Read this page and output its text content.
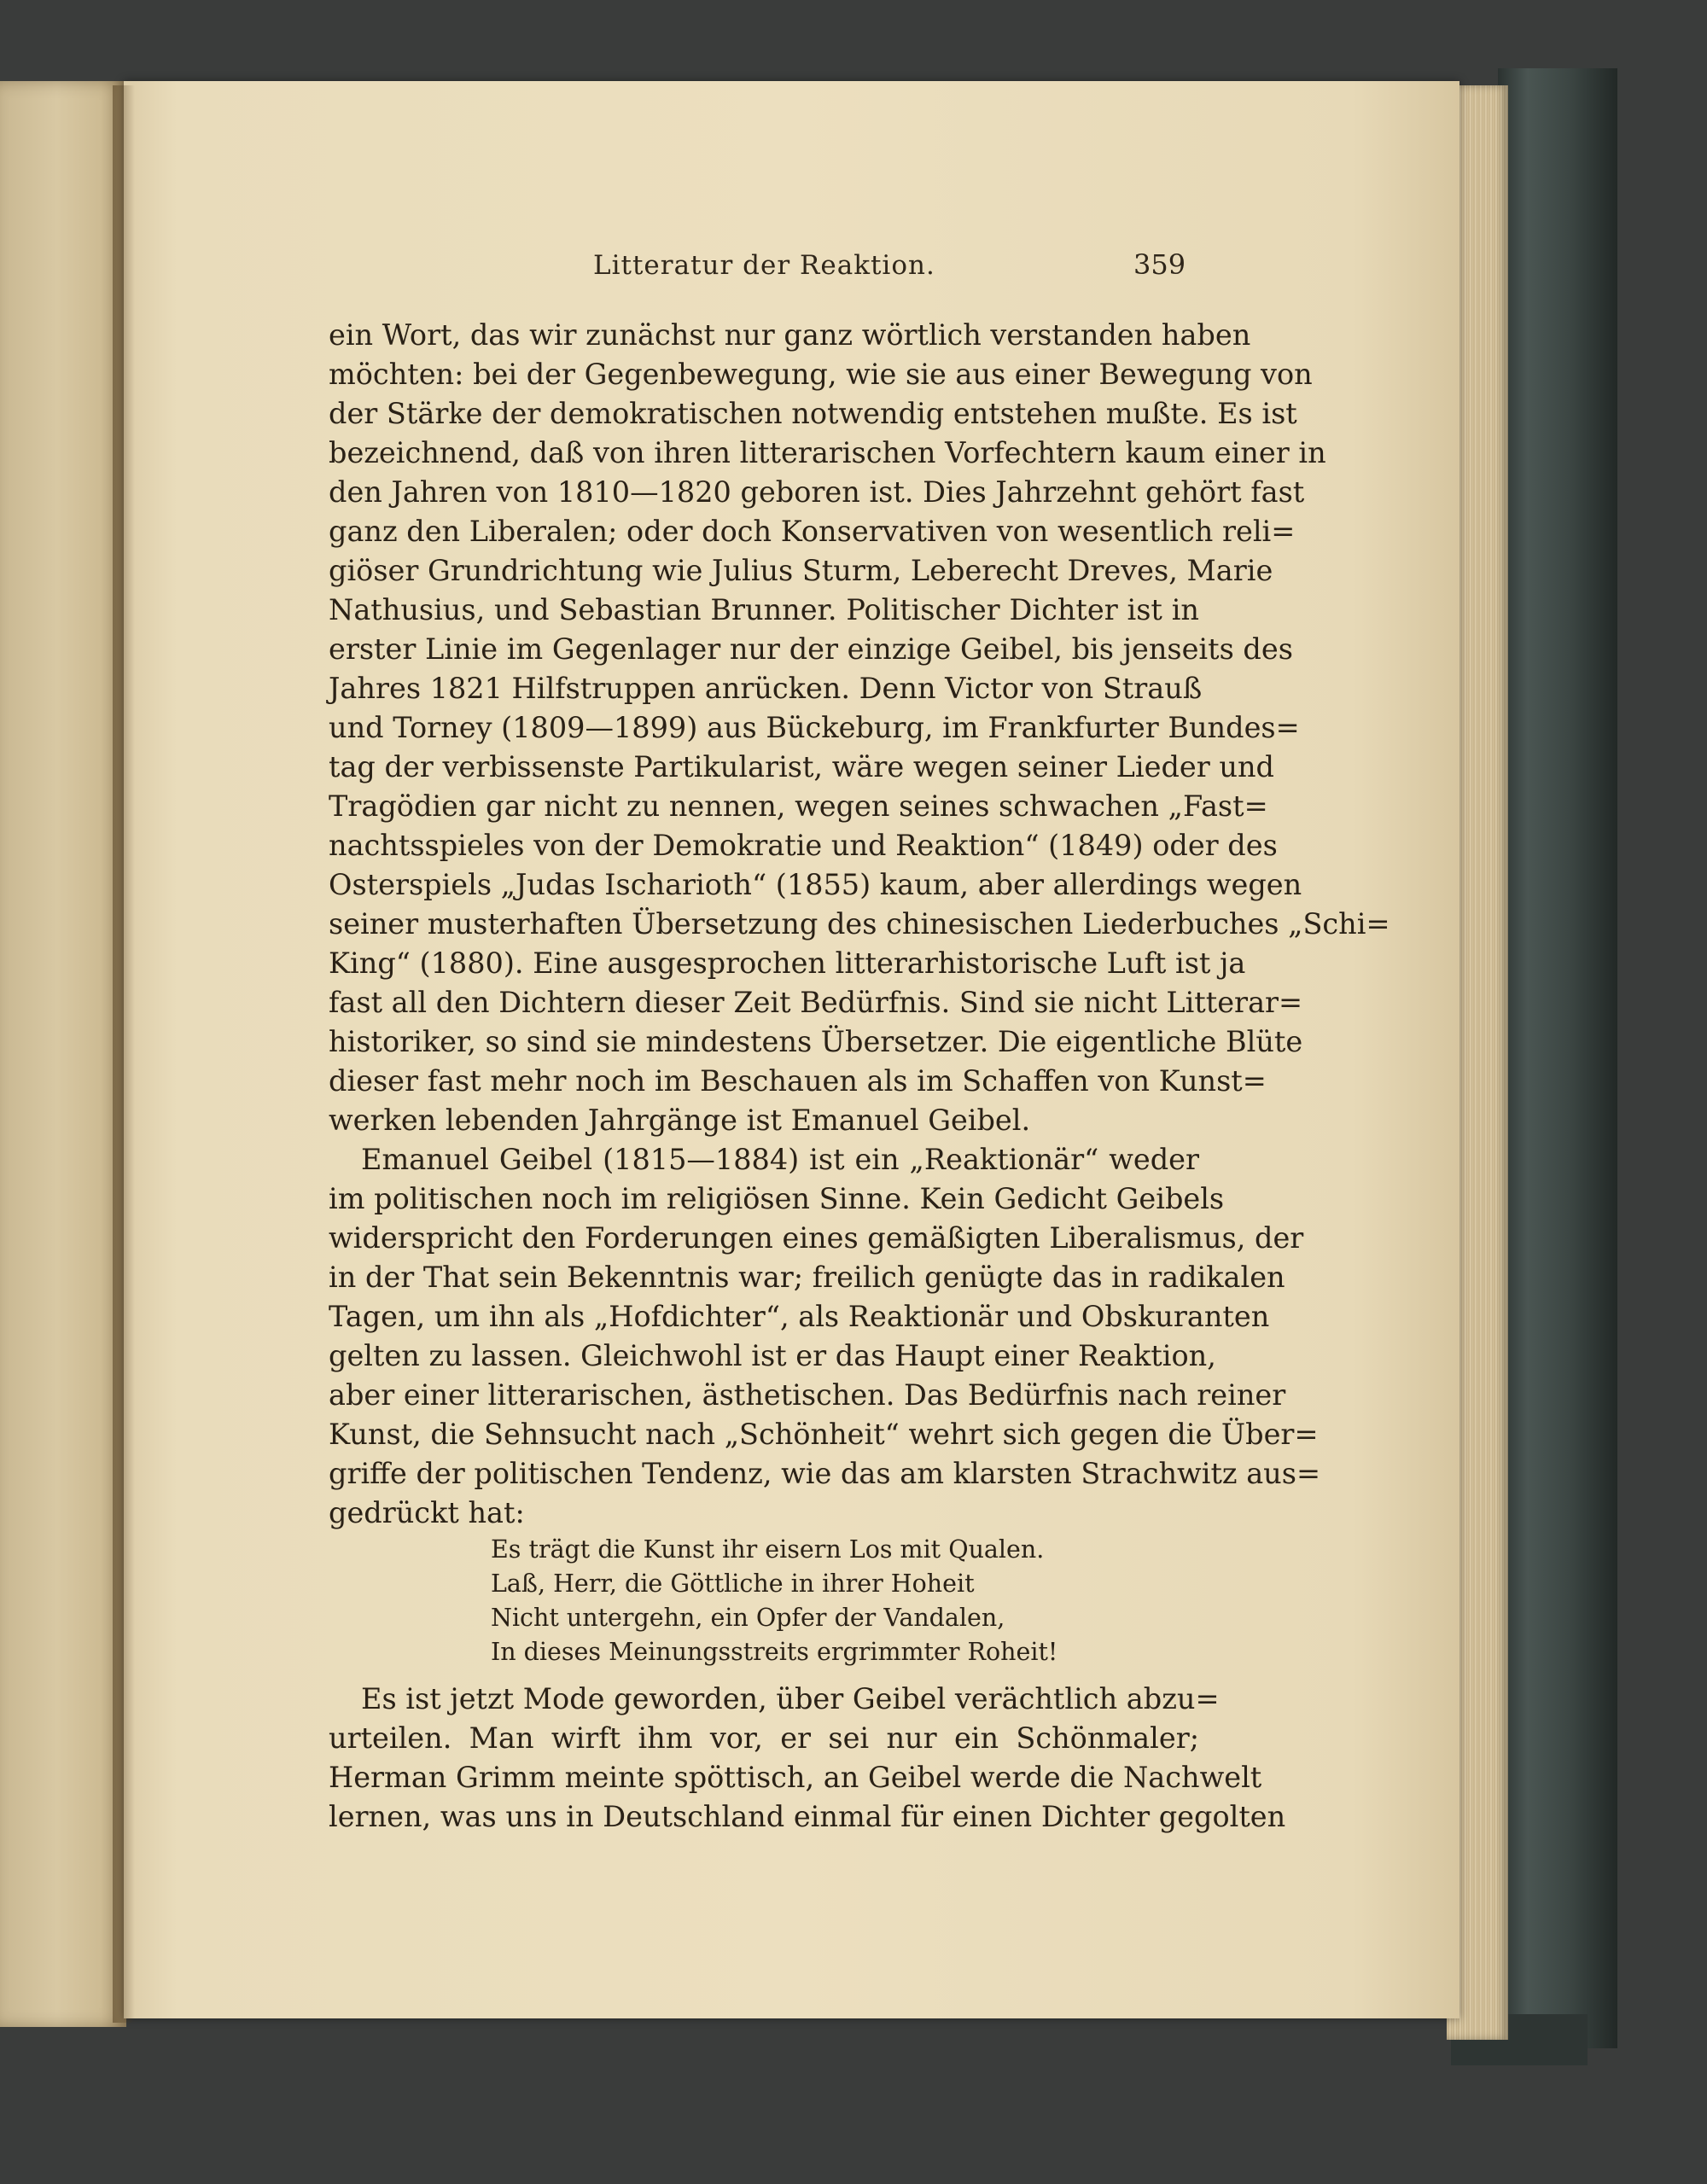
Litteratur der Reaktion.	359
ein Wort, das wir zunächst nur ganz wörtlich verstanden haben
möchten: bei der Gegenbewegung, wie sie aus einer Bewegung von
der Stärke der demokratischen notwendig entstehen mußte. Es ist
bezeichnend, daß von ihren litterarischen Vorfechtern kaum einer in
den Jahren von 1810—1820 geboren ist. Dies Jahrzehnt gehört fast
ganz den Liberalen; oder doch Konservativen von wesentlich reli=
giöser Grundrichtung wie Julius Sturm, Leberecht Dreves, Marie
Nathusius, und Sebastian Brunner. Politischer Dichter ist in
erster Linie im Gegenlager nur der einzige Geibel, bis jenseits des
Jahres 1821 Hilfstruppen anrücken. Denn Victor von Strauß
und Torney (1809—1899) aus Bückeburg, im Frankfurter Bundes=
tag der verbissenste Partikularist, wäre wegen seiner Lieder und
Tragödien gar nicht zu nennen, wegen seines schwachen „Fast=
nachtsspieles von der Demokratie und Reaktion“ (1849) oder des
Osterspiels „Judas Ischarioth“ (1855) kaum, aber allerdings wegen
seiner musterhaften Übersetzung des chinesischen Liederbuches „Schi=
King“ (1880). Eine ausgesprochen litterarhistorische Luft ist ja
fast all den Dichtern dieser Zeit Bedürfnis. Sind sie nicht Litterar=
historiker, so sind sie mindestens Übersetzer. Die eigentliche Blüte
dieser fast mehr noch im Beschauen als im Schaffen von Kunst=
werken lebenden Jahrgänge ist Emanuel Geibel.
Emanuel Geibel (1815—1884) ist ein „Reaktionär“ weder
im politischen noch im religiösen Sinne. Kein Gedicht Geibels
widerspricht den Forderungen eines gemäßigten Liberalismus, der
in der That sein Bekenntnis war; freilich genügte das in radikalen
Tagen, um ihn als „Hofdichter“, als Reaktionär und Obskuranten
gelten zu lassen. Gleichwohl ist er das Haupt einer Reaktion,
aber einer litterarischen, ästhetischen. Das Bedürfnis nach reiner
Kunst, die Sehnsucht nach „Schönheit“ wehrt sich gegen die Über=
griffe der politischen Tendenz, wie das am klarsten Strachwitz aus=
gedrückt hat:
Es trägt die Kunst ihr eisern Los mit Qualen.
Laß, Herr, die Göttliche in ihrer Hoheit
Nicht untergehn, ein Opfer der Vandalen,
In dieses Meinungsstreits ergrimmter Roheit!
Es ist jetzt Mode geworden, über Geibel verächtlich abzu=
urteilen. Man wirft ihm vor, er sei nur ein Schönmaler;
Herman Grimm meinte spöttisch, an Geibel werde die Nachwelt
lernen, was uns in Deutschland einmal für einen Dichter gegolten
